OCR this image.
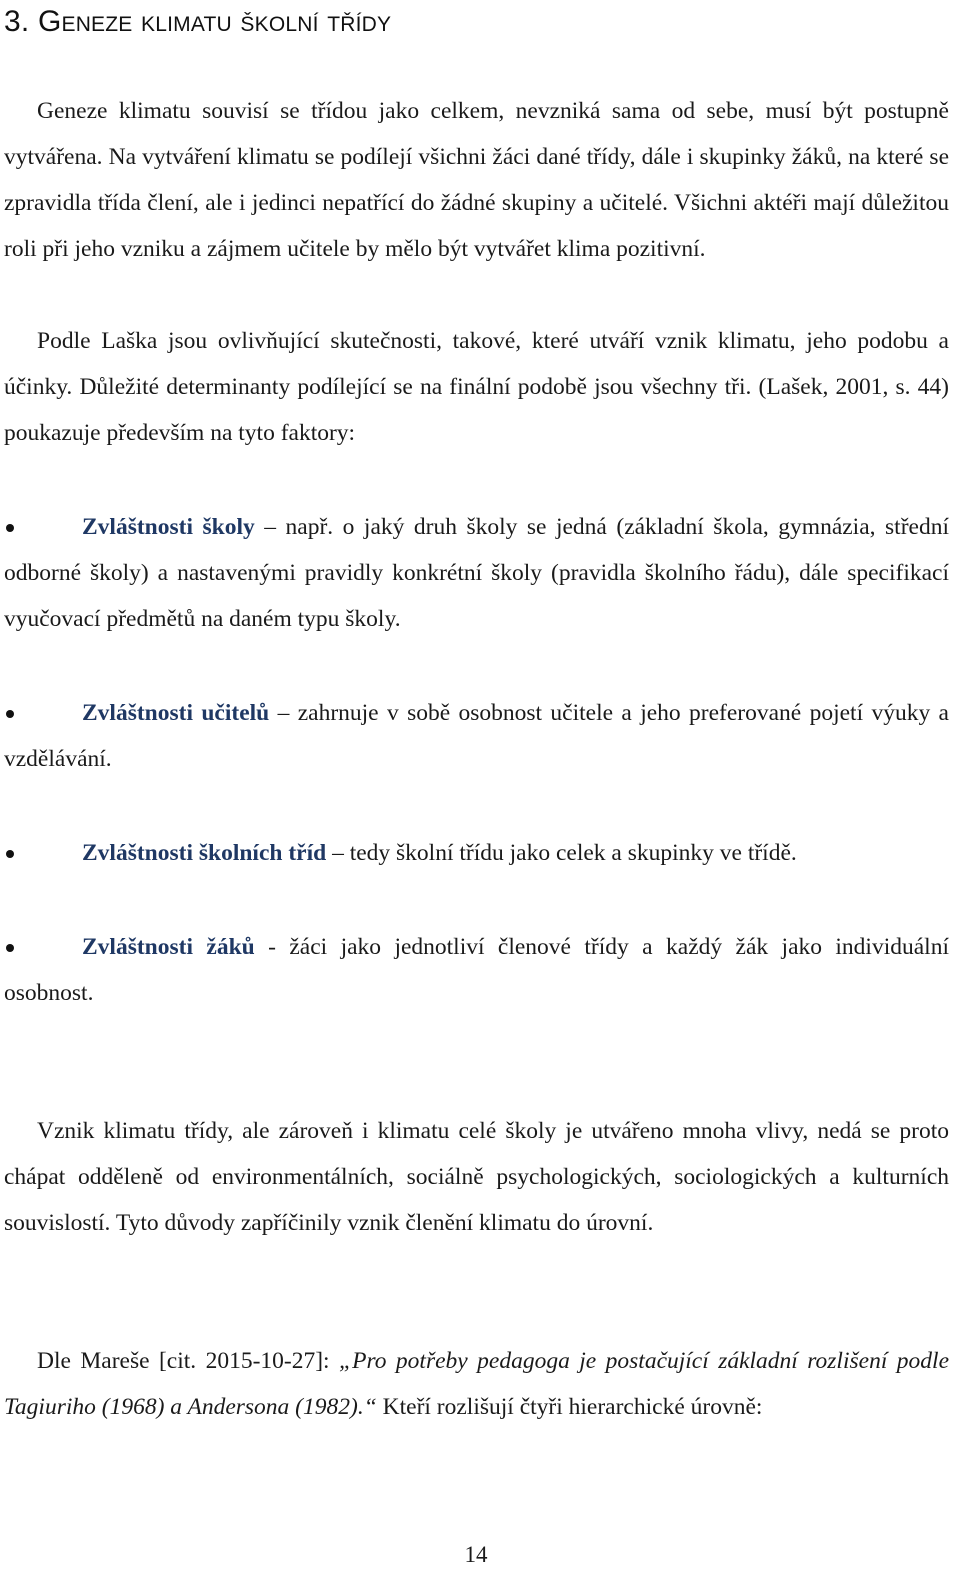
3. Geneze klimatu školní třídy

Geneze klimatu souvisí se třídou jako celkem, nevzniká sama od sebe, musí být postupně vytvářena. Na vytváření klimatu se podílejí všichni žáci dané třídy, dále i skupinky žáků, na které se zpravidla třída člení, ale i jedinci nepatřící do žádné skupiny a učitelé. Všichni aktéři mají důležitou roli při jeho vzniku a zájmem učitele by mělo být vytvářet klima pozitivní.

Podle Laška jsou ovlivňující skutečnosti, takové, které utváří vznik klimatu, jeho podobu a účinky. Důležité determinanty podílející se na finální podobě jsou všechny tři. (Lašek, 2001, s. 44) poukazuje především na tyto faktory:

Zvláštnosti školy – např. o jaký druh školy se jedná (základní škola, gymnázia, střední odborné školy) a nastavenými pravidly konkrétní školy (pravidla školního řádu), dále specifikací vyučovací předmětů na daném typu školy.

Zvláštnosti učitelů – zahrnuje v sobě osobnost učitele a jeho preferované pojetí výuky a vzdělávání.

Zvláštnosti školních tříd – tedy školní třídu jako celek a skupinky ve třídě.

Zvláštnosti žáků - žáci jako jednotliví členové třídy a každý žák jako individuální osobnost.

Vznik klimatu třídy, ale zároveň i klimatu celé školy je utvářeno mnoha vlivy, nedá se proto chápat odděleně od environmentálních, sociálně psychologických, sociologických a kulturních souvislostí. Tyto důvody zapříčinily vznik členění klimatu do úrovní.

Dle Mareše [cit. 2015-10-27]: „Pro potřeby pedagoga je postačující základní rozlišení podle Tagiuriho (1968) a Andersona (1982).“ Kteří rozlišují čtyři hierarchické úrovně:

14
